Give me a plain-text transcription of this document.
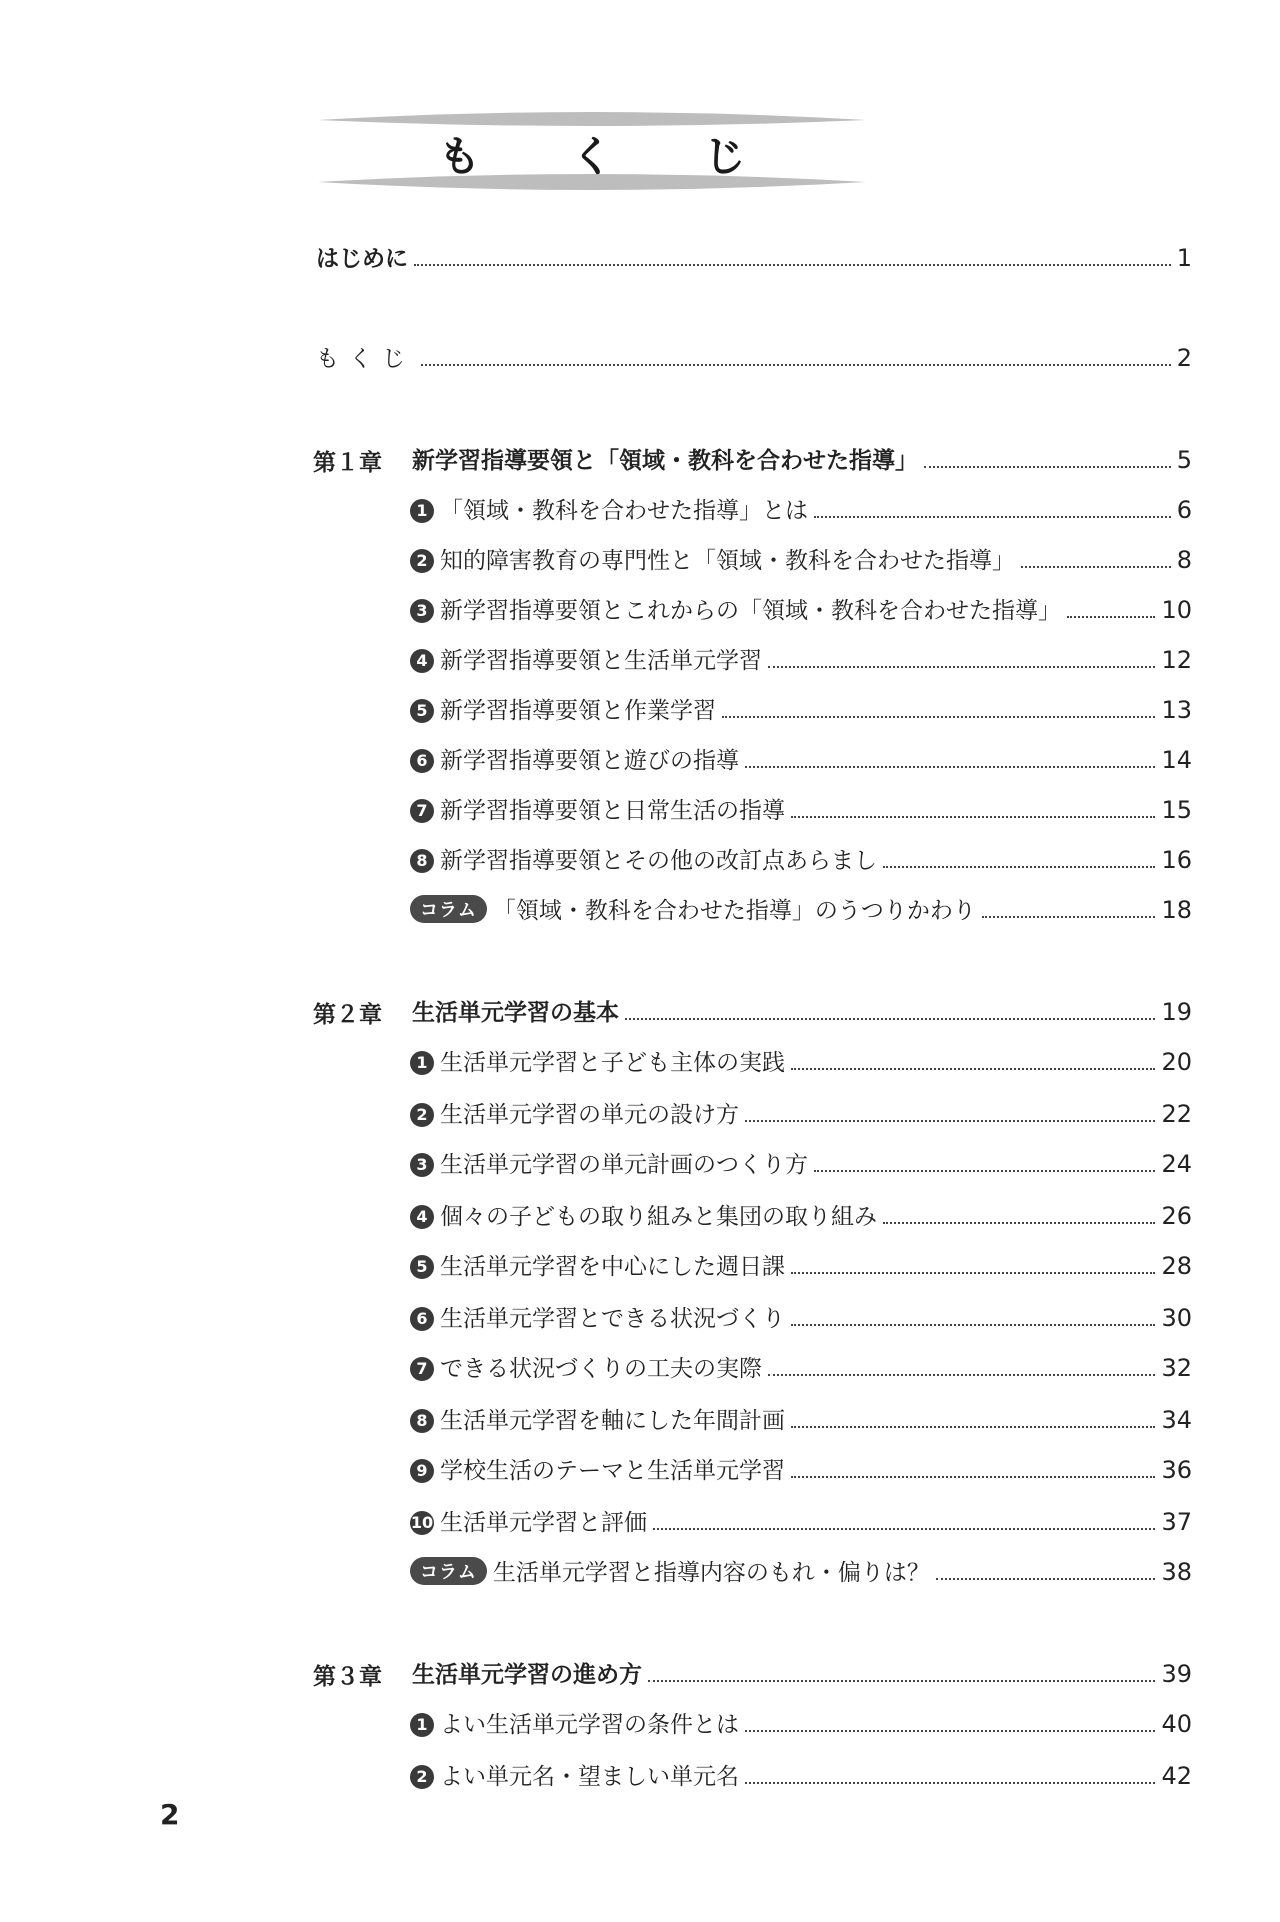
も く じ
はじめに	1
もくじ	2
第１章 新学習指導要領と「領域・教科を合わせた指導」	5
1 「領域・教科を合わせた指導」とは	6
2 知的障害教育の専門性と「領域・教科を合わせた指導」	8
3 新学習指導要領とこれからの「領域・教科を合わせた指導」	10
4 新学習指導要領と生活単元学習	12
5 新学習指導要領と作業学習	13
6 新学習指導要領と遊びの指導	14
7 新学習指導要領と日常生活の指導	15
8 新学習指導要領とその他の改訂点あらまし	16
コラム 「領域・教科を合わせた指導」のうつりかわり	18
第２章 生活単元学習の基本	19
1 生活単元学習と子ども主体の実践	20
2 生活単元学習の単元の設け方	22
3 生活単元学習の単元計画のつくり方	24
4 個々の子どもの取り組みと集団の取り組み	26
5 生活単元学習を中心にした週日課	28
6 生活単元学習とできる状況づくり	30
7 できる状況づくりの工夫の実際	32
8 生活単元学習を軸にした年間計画	34
9 学校生活のテーマと生活単元学習	36
10 生活単元学習と評価	37
コラム 生活単元学習と指導内容のもれ・偏りは？	38
第３章 生活単元学習の進め方	39
1 よい生活単元学習の条件とは	40
2 よい単元名・望ましい単元名	42
2
